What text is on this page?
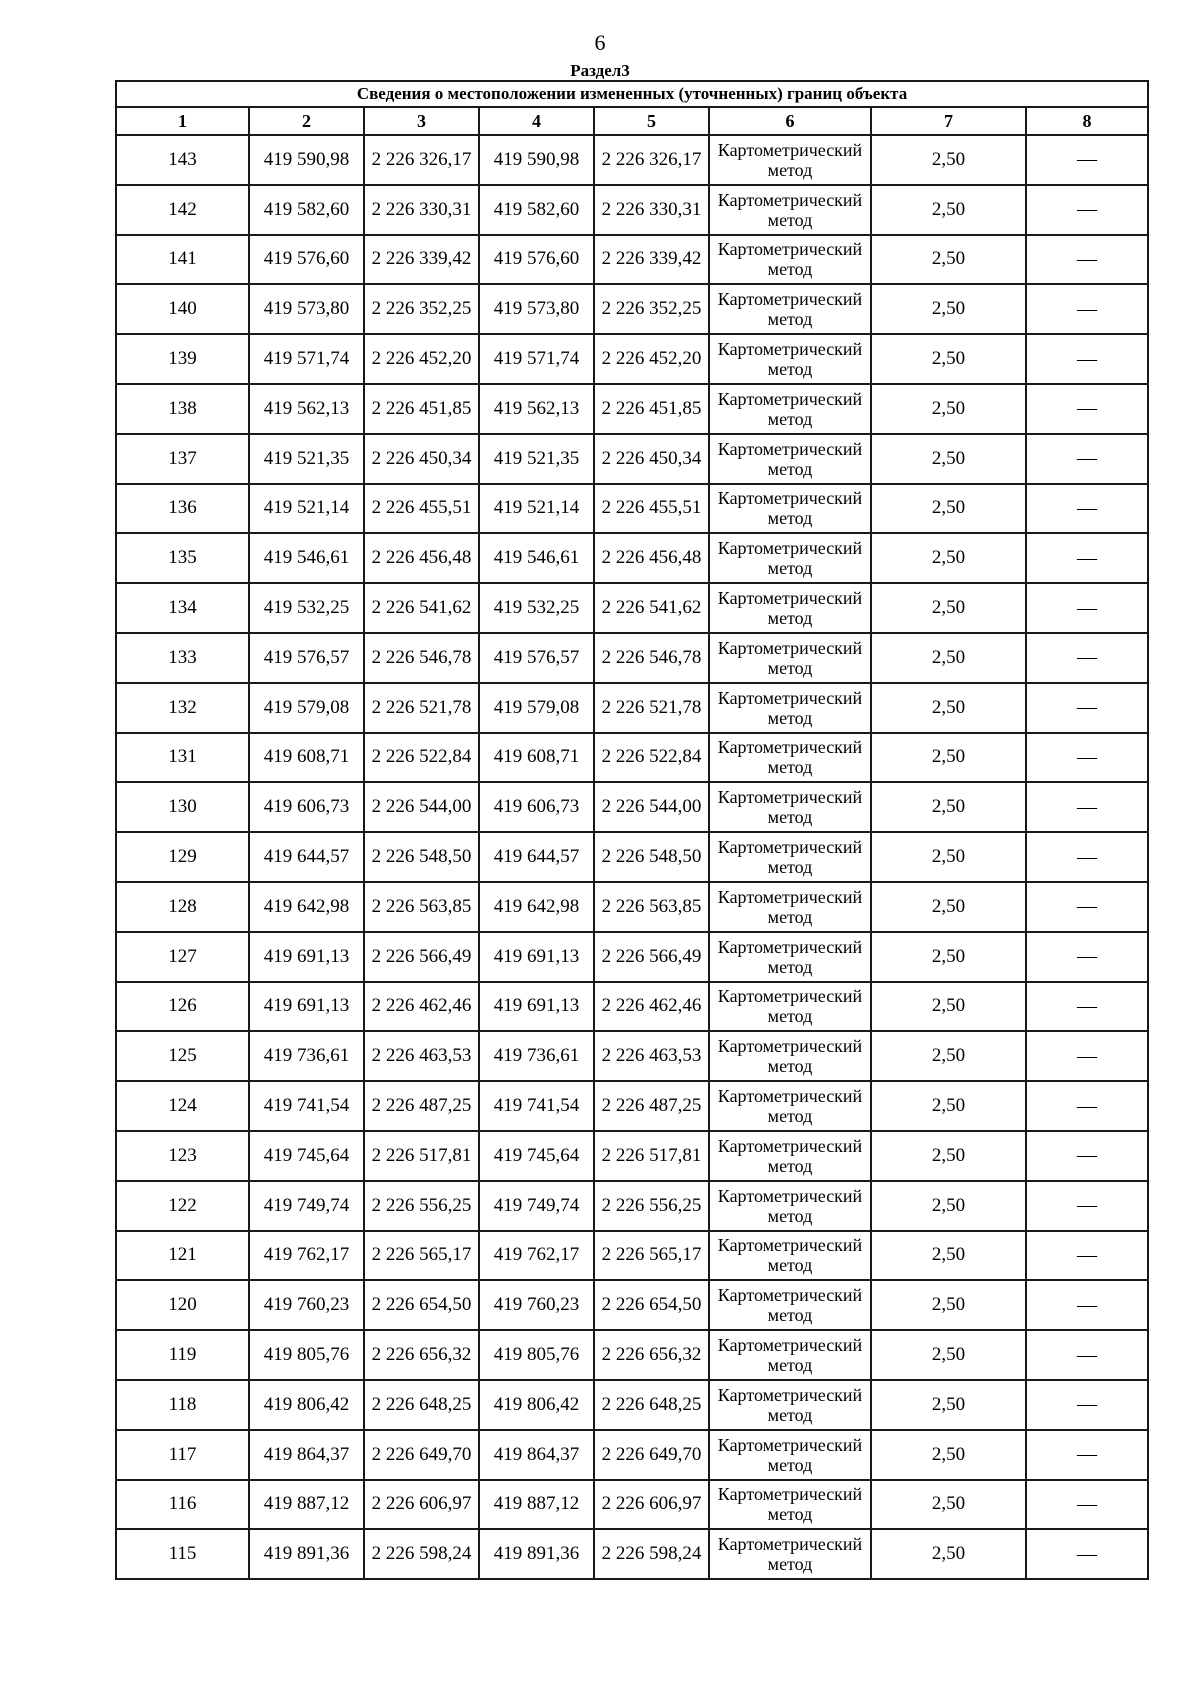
6
Раздел3
Сведения о местоположении измененных (уточненных) границ объекта							
1	2	3	4	5	6	7	8
143	419 590,98	2 226 326,17	419 590,98	2 226 326,17	Картометрический метод	2,50	—
142	419 582,60	2 226 330,31	419 582,60	2 226 330,31	Картометрический метод	2,50	—
141	419 576,60	2 226 339,42	419 576,60	2 226 339,42	Картометрический метод	2,50	—
140	419 573,80	2 226 352,25	419 573,80	2 226 352,25	Картометрический метод	2,50	—
139	419 571,74	2 226 452,20	419 571,74	2 226 452,20	Картометрический метод	2,50	—
138	419 562,13	2 226 451,85	419 562,13	2 226 451,85	Картометрический метод	2,50	—
137	419 521,35	2 226 450,34	419 521,35	2 226 450,34	Картометрический метод	2,50	—
136	419 521,14	2 226 455,51	419 521,14	2 226 455,51	Картометрический метод	2,50	—
135	419 546,61	2 226 456,48	419 546,61	2 226 456,48	Картометрический метод	2,50	—
134	419 532,25	2 226 541,62	419 532,25	2 226 541,62	Картометрический метод	2,50	—
133	419 576,57	2 226 546,78	419 576,57	2 226 546,78	Картометрический метод	2,50	—
132	419 579,08	2 226 521,78	419 579,08	2 226 521,78	Картометрический метод	2,50	—
131	419 608,71	2 226 522,84	419 608,71	2 226 522,84	Картометрический метод	2,50	—
130	419 606,73	2 226 544,00	419 606,73	2 226 544,00	Картометрический метод	2,50	—
129	419 644,57	2 226 548,50	419 644,57	2 226 548,50	Картометрический метод	2,50	—
128	419 642,98	2 226 563,85	419 642,98	2 226 563,85	Картометрический метод	2,50	—
127	419 691,13	2 226 566,49	419 691,13	2 226 566,49	Картометрический метод	2,50	—
126	419 691,13	2 226 462,46	419 691,13	2 226 462,46	Картометрический метод	2,50	—
125	419 736,61	2 226 463,53	419 736,61	2 226 463,53	Картометрический метод	2,50	—
124	419 741,54	2 226 487,25	419 741,54	2 226 487,25	Картометрический метод	2,50	—
123	419 745,64	2 226 517,81	419 745,64	2 226 517,81	Картометрический метод	2,50	—
122	419 749,74	2 226 556,25	419 749,74	2 226 556,25	Картометрический метод	2,50	—
121	419 762,17	2 226 565,17	419 762,17	2 226 565,17	Картометрический метод	2,50	—
120	419 760,23	2 226 654,50	419 760,23	2 226 654,50	Картометрический метод	2,50	—
119	419 805,76	2 226 656,32	419 805,76	2 226 656,32	Картометрический метод	2,50	—
118	419 806,42	2 226 648,25	419 806,42	2 226 648,25	Картометрический метод	2,50	—
117	419 864,37	2 226 649,70	419 864,37	2 226 649,70	Картометрический метод	2,50	—
116	419 887,12	2 226 606,97	419 887,12	2 226 606,97	Картометрический метод	2,50	—
115	419 891,36	2 226 598,24	419 891,36	2 226 598,24	Картометрический метод	2,50	—
